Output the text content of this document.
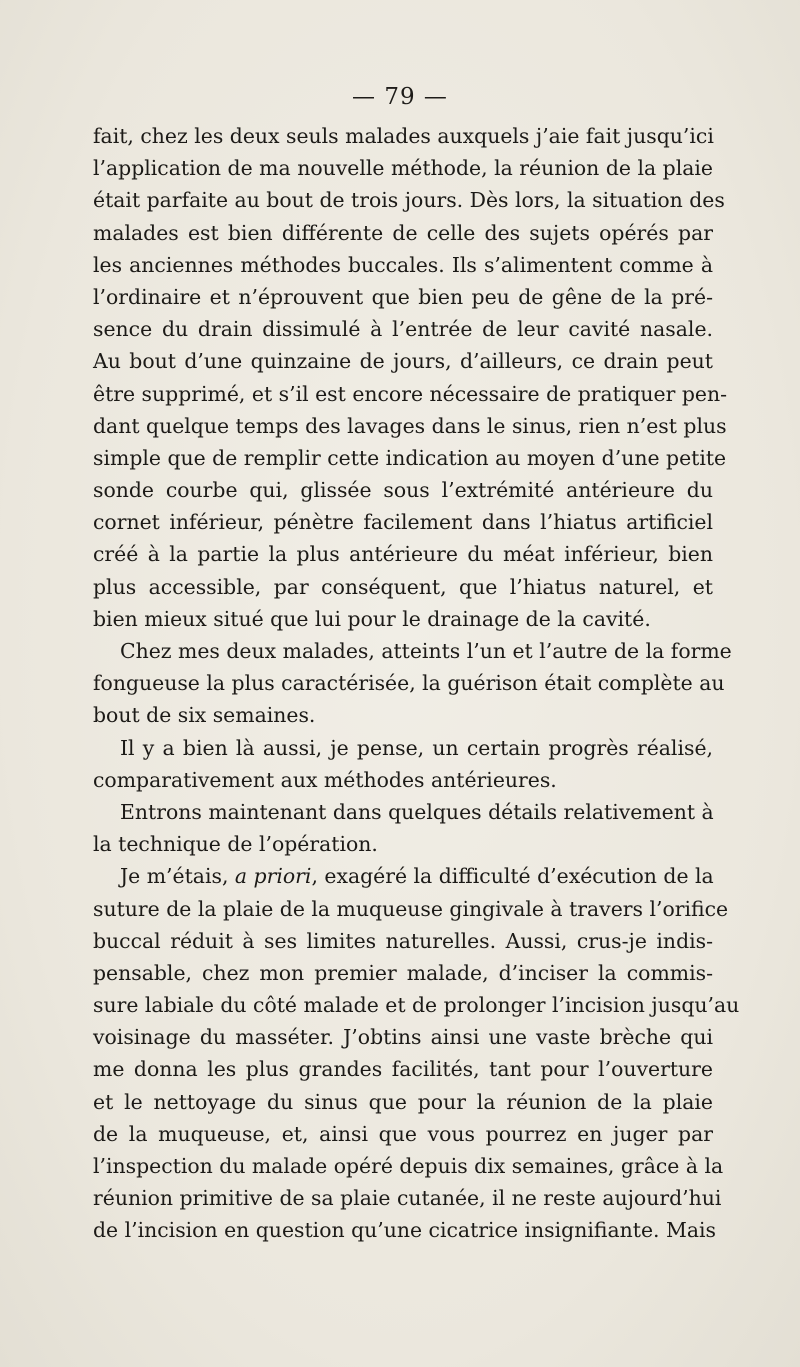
— 79 —
fait, chez les deux seuls malades auxquels j’aie fait jusqu’ici
l’application de ma nouvelle méthode, la réunion de la plaie
était parfaite au bout de trois jours. Dès lors, la situation des
malades est bien différente de celle des sujets opérés par
les anciennes méthodes buccales. Ils s’alimentent comme à
l’ordinaire et n’éprouvent que bien peu de gêne de la pré-
sence du drain dissimulé à l’entrée de leur cavité nasale.
Au bout d’une quinzaine de jours, d’ailleurs, ce drain peut
être supprimé, et s’il est encore nécessaire de pratiquer pen-
dant quelque temps des lavages dans le sinus, rien n’est plus
simple que de remplir cette indication au moyen d’une petite
sonde courbe qui, glissée sous l’extrémité antérieure du
cornet inférieur, pénètre facilement dans l’hiatus artificiel
créé à la partie la plus antérieure du méat inférieur, bien
plus accessible, par conséquent, que l’hiatus naturel, et
bien mieux situé que lui pour le drainage de la cavité.
Chez mes deux malades, atteints l’un et l’autre de la forme
fongueuse la plus caractérisée, la guérison était complète au
bout de six semaines.
Il y a bien là aussi, je pense, un certain progrès réalisé,
comparativement aux méthodes antérieures.
Entrons maintenant dans quelques détails relativement à
la technique de l’opération.
Je m’étais, a priori, exagéré la difficulté d’exécution de la
suture de la plaie de la muqueuse gingivale à travers l’orifice
buccal réduit à ses limites naturelles. Aussi, crus-je indis-
pensable, chez mon premier malade, d’inciser la commis-
sure labiale du côté malade et de prolonger l’incision jusqu’au
voisinage du masséter. J’obtins ainsi une vaste brèche qui
me donna les plus grandes facilités, tant pour l’ouverture
et le nettoyage du sinus que pour la réunion de la plaie
de la muqueuse, et, ainsi que vous pourrez en juger par
l’inspection du malade opéré depuis dix semaines, grâce à la
réunion primitive de sa plaie cutanée, il ne reste aujourd’hui
de l’incision en question qu’une cicatrice insignifiante. Mais
